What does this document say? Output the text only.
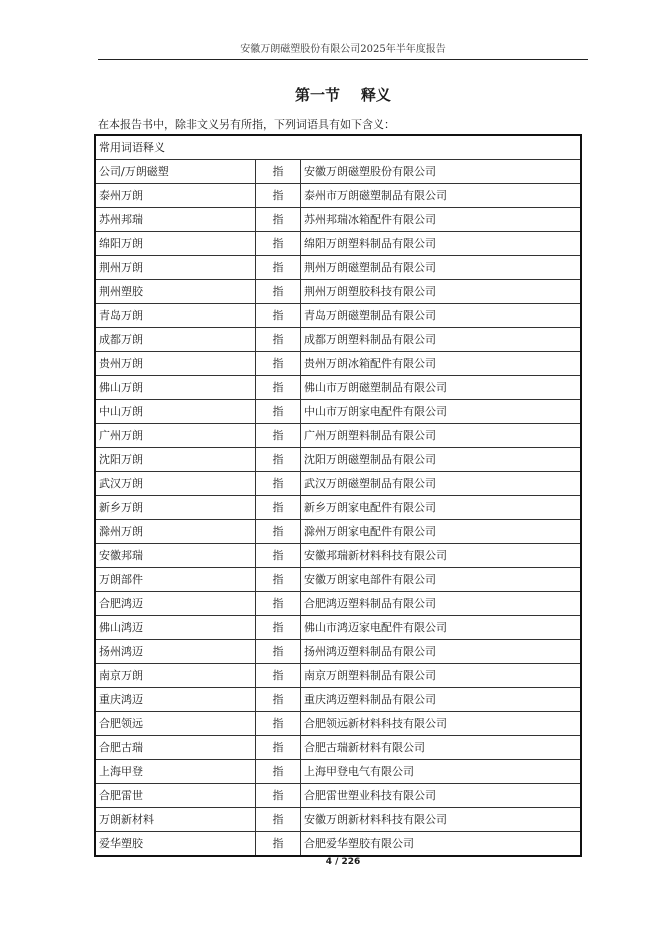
安徽万朗磁塑股份有限公司2025年半年度报告
第一节    释义
在本报告书中，除非文义另有所指，下列词语具有如下含义：
常用词语释义		
公司/万朗磁塑	指	安徽万朗磁塑股份有限公司
泰州万朗	指	泰州市万朗磁塑制品有限公司
苏州邦瑞	指	苏州邦瑞冰箱配件有限公司
绵阳万朗	指	绵阳万朗塑料制品有限公司
荆州万朗	指	荆州万朗磁塑制品有限公司
荆州塑胶	指	荆州万朗塑胶科技有限公司
青岛万朗	指	青岛万朗磁塑制品有限公司
成都万朗	指	成都万朗塑料制品有限公司
贵州万朗	指	贵州万朗冰箱配件有限公司
佛山万朗	指	佛山市万朗磁塑制品有限公司
中山万朗	指	中山市万朗家电配件有限公司
广州万朗	指	广州万朗塑料制品有限公司
沈阳万朗	指	沈阳万朗磁塑制品有限公司
武汉万朗	指	武汉万朗磁塑制品有限公司
新乡万朗	指	新乡万朗家电配件有限公司
滁州万朗	指	滁州万朗家电配件有限公司
安徽邦瑞	指	安徽邦瑞新材料科技有限公司
万朗部件	指	安徽万朗家电部件有限公司
合肥鸿迈	指	合肥鸿迈塑料制品有限公司
佛山鸿迈	指	佛山市鸿迈家电配件有限公司
扬州鸿迈	指	扬州鸿迈塑料制品有限公司
南京万朗	指	南京万朗塑料制品有限公司
重庆鸿迈	指	重庆鸿迈塑料制品有限公司
合肥领远	指	合肥领远新材料科技有限公司
合肥古瑞	指	合肥古瑞新材料有限公司
上海甲登	指	上海甲登电气有限公司
合肥雷世	指	合肥雷世塑业科技有限公司
万朗新材料	指	安徽万朗新材料科技有限公司
爱华塑胶	指	合肥爱华塑胶有限公司
4 / 226
